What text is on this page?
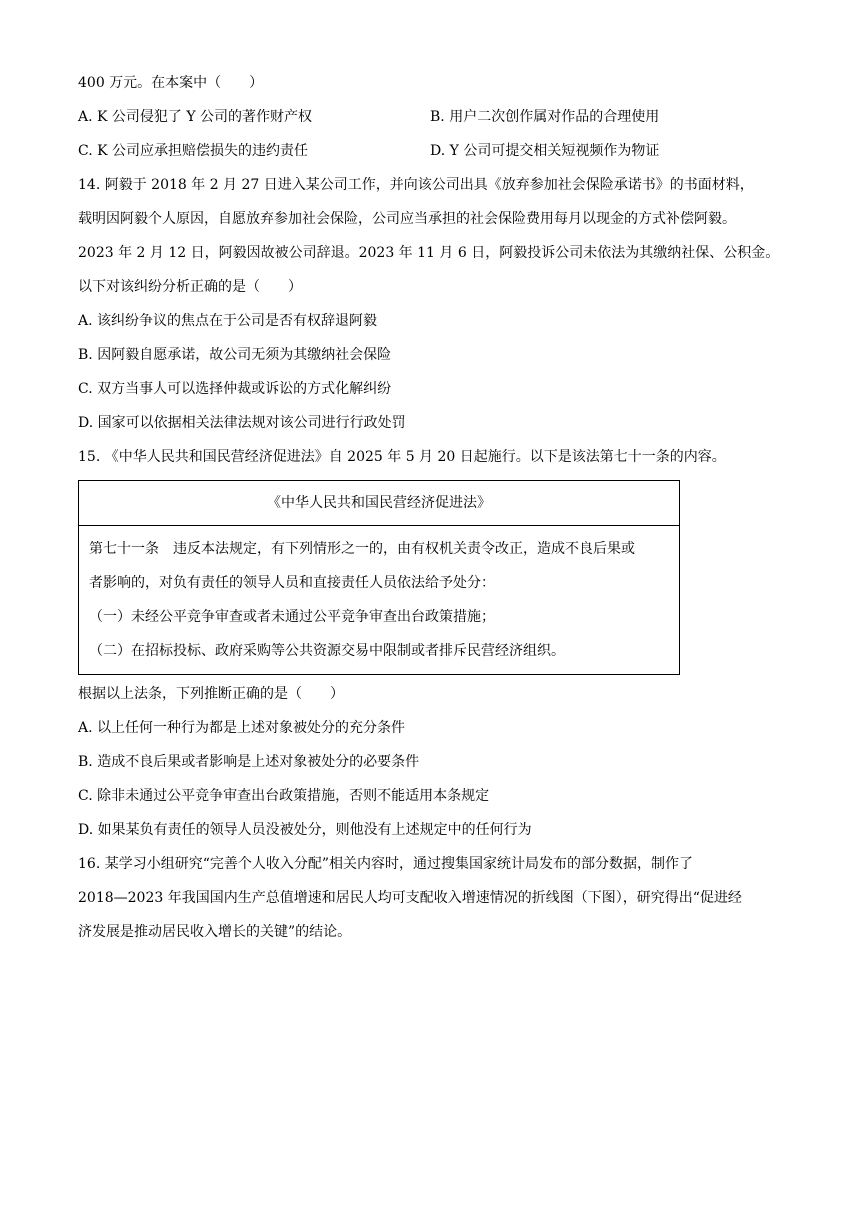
400 万元。在本案中（　　）
A. K 公司侵犯了 Y 公司的著作财产权	B. 用户二次创作属对作品的合理使用
C. K 公司应承担赔偿损失的违约责任	D. Y 公司可提交相关短视频作为物证
14. 阿毅于 2018 年 2 月 27 日进入某公司工作，并向该公司出具《放弃参加社会保险承诺书》的书面材料，
载明因阿毅个人原因，自愿放弃参加社会保险，公司应当承担的社会保险费用每月以现金的方式补偿阿毅。
2023 年 2 月 12 日，阿毅因故被公司辞退。2023 年 11 月 6 日，阿毅投诉公司未依法为其缴纳社保、公积金。
以下对该纠纷分析正确的是（　　）
A. 该纠纷争议的焦点在于公司是否有权辞退阿毅
B. 因阿毅自愿承诺，故公司无须为其缴纳社会保险
C. 双方当事人可以选择仲裁或诉讼的方式化解纠纷
D. 国家可以依据相关法律法规对该公司进行行政处罚
15. 《中华人民共和国民营经济促进法》自 2025 年 5 月 20 日起施行。以下是该法第七十一条的内容。
《中华人民共和国民营经济促进法》
第七十一条　违反本法规定，有下列情形之一的，由有权机关责令改正，造成不良后果或
者影响的，对负有责任的领导人员和直接责任人员依法给予处分：
（一）未经公平竞争审查或者未通过公平竞争审查出台政策措施；
（二）在招标投标、政府采购等公共资源交易中限制或者排斥民营经济组织。
根据以上法条，下列推断正确的是（　　）
A. 以上任何一种行为都是上述对象被处分的充分条件
B. 造成不良后果或者影响是上述对象被处分的必要条件
C. 除非未通过公平竞争审查出台政策措施，否则不能适用本条规定
D. 如果某负有责任的领导人员没被处分，则他没有上述规定中的任何行为
16. 某学习小组研究“完善个人收入分配”相关内容时，通过搜集国家统计局发布的部分数据，制作了
2018—2023 年我国国内生产总值增速和居民人均可支配收入增速情况的折线图（下图），研究得出“促进经
济发展是推动居民收入增长的关键”的结论。
